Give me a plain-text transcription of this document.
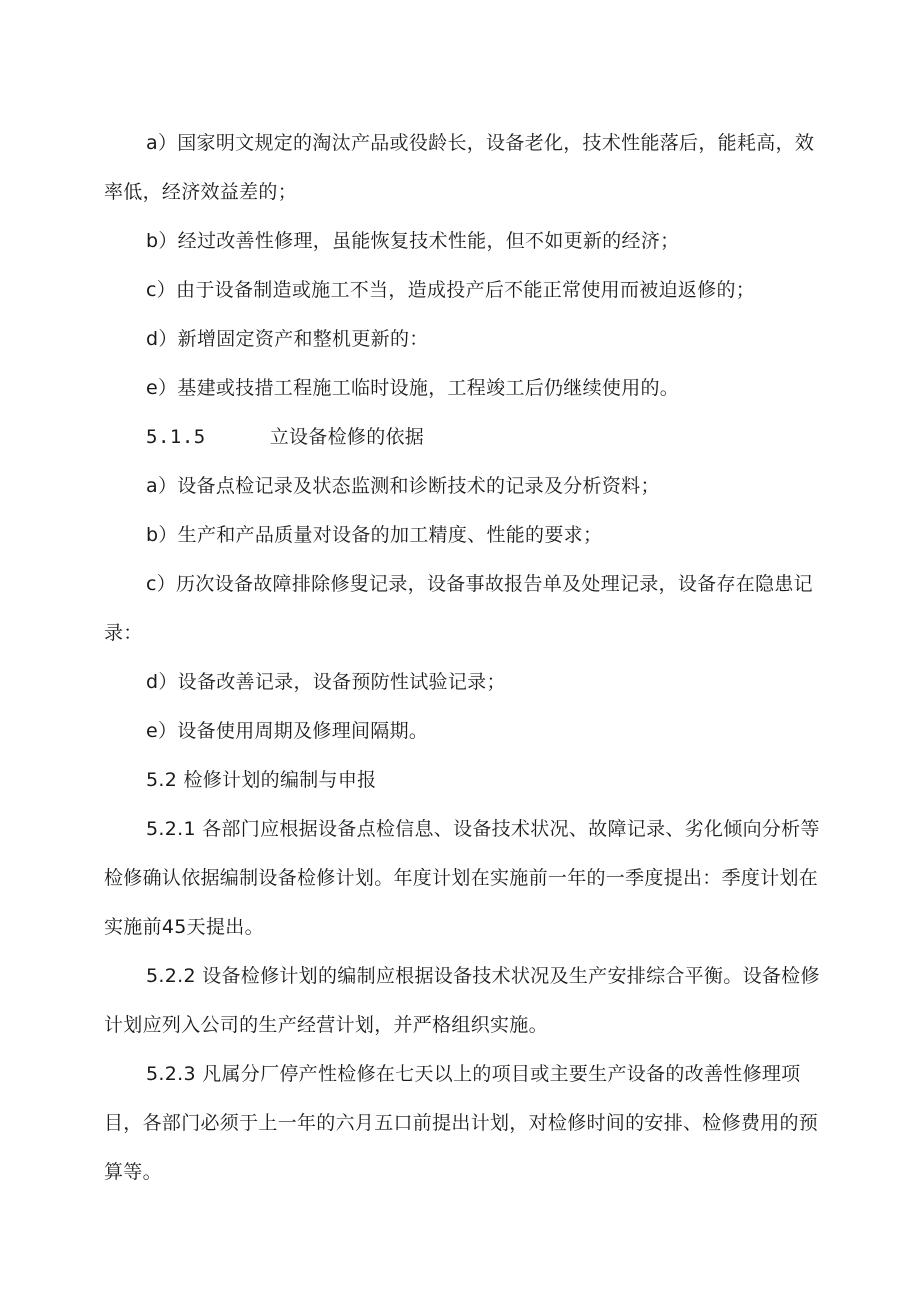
a）国家明文规定的淘汰产品或役龄长，设备老化，技术性能落后，能耗高，效率低，经济效益差的；

b）经过改善性修理，虽能恢复技术性能，但不如更新的经济；

c）由于设备制造或施工不当，造成投产后不能正常使用而被迫返修的；

d）新增固定资产和整机更新的：

e）基建或技措工程施工临时设施，工程竣工后仍继续使用的。

5.1.5	立设备检修的依据

a）设备点检记录及状态监测和诊断技术的记录及分析资料；

b）生产和产品质量对设备的加工精度、性能的要求；

c）历次设备故障排除修叟记录，设备事故报告单及处理记录，设备存在隐患记录：

d）设备改善记录，设备预防性试验记录；

e）设备使用周期及修理间隔期。

5.2 检修计划的编制与申报

5.2.1 各部门应根据设备点检信息、设备技术状况、故障记录、劣化倾向分析等检修确认依据编制设备检修计划。年度计划在实施前一年的一季度提出：季度计划在实施前45天提出。

5.2.2 设备检修计划的编制应根据设备技术状况及生产安排综合平衡。设备检修计划应列入公司的生产经营计划，并严格组织实施。

5.2.3 凡属分厂停产性检修在七天以上的项目或主要生产设备的改善性修理项目，各部门必须于上一年的六月五口前提出计划，对检修时间的安排、检修费用的预算等。
